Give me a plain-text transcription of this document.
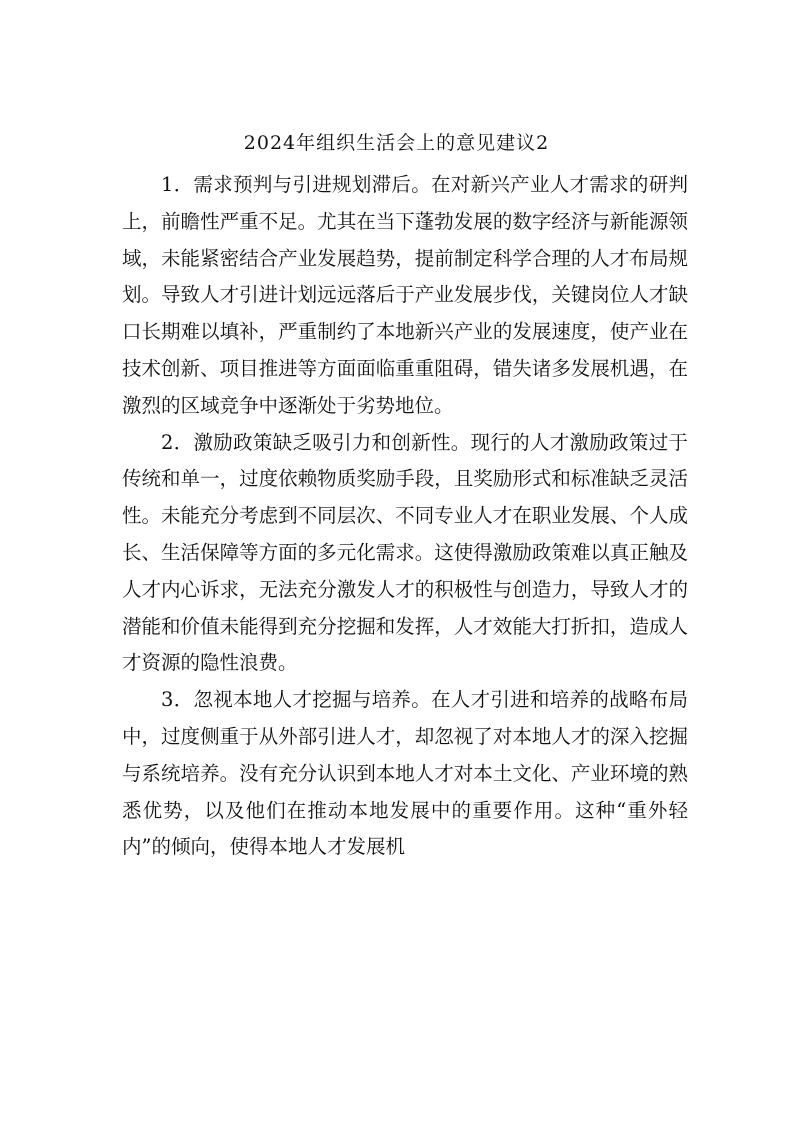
2024年组织生活会上的意见建议2

1．需求预判与引进规划滞后。在对新兴产业人才需求的研判上，前瞻性严重不足。尤其在当下蓬勃发展的数字经济与新能源领域，未能紧密结合产业发展趋势，提前制定科学合理的人才布局规划。导致人才引进计划远远落后于产业发展步伐，关键岗位人才缺口长期难以填补，严重制约了本地新兴产业的发展速度，使产业在技术创新、项目推进等方面面临重重阻碍，错失诸多发展机遇，在激烈的区域竞争中逐渐处于劣势地位。

2．激励政策缺乏吸引力和创新性。现行的人才激励政策过于传统和单一，过度依赖物质奖励手段，且奖励形式和标准缺乏灵活性。未能充分考虑到不同层次、不同专业人才在职业发展、个人成长、生活保障等方面的多元化需求。这使得激励政策难以真正触及人才内心诉求，无法充分激发人才的积极性与创造力，导致人才的潜能和价值未能得到充分挖掘和发挥，人才效能大打折扣，造成人才资源的隐性浪费。

3．忽视本地人才挖掘与培养。在人才引进和培养的战略布局中，过度侧重于从外部引进人才，却忽视了对本地人才的深入挖掘与系统培养。没有充分认识到本地人才对本土文化、产业环境的熟悉优势，以及他们在推动本地发展中的重要作用。这种“重外轻内”的倾向，使得本地人才发展机
